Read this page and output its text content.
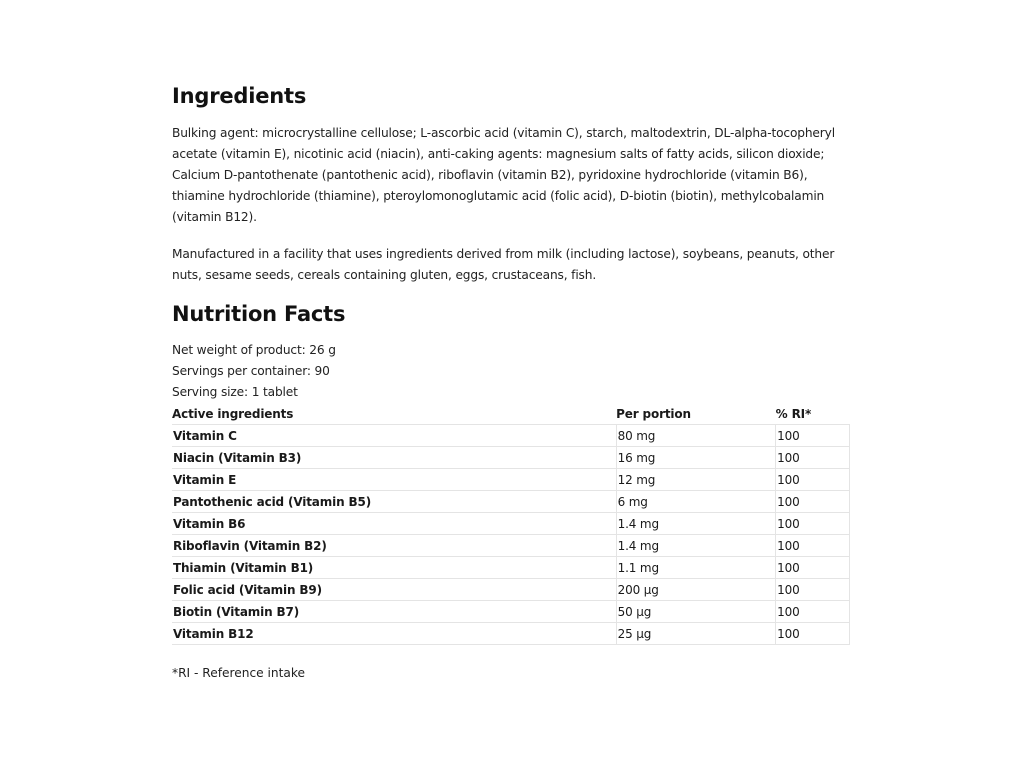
Ingredients

Bulking agent: microcrystalline cellulose; L-ascorbic acid (vitamin C), starch, maltodextrin, DL-alpha-tocopheryl acetate (vitamin E), nicotinic acid (niacin), anti-caking agents: magnesium salts of fatty acids, silicon dioxide; Calcium D-pantothenate (pantothenic acid), riboflavin (vitamin B2), pyridoxine hydrochloride (vitamin B6), thiamine hydrochloride (thiamine), pteroylomonoglutamic acid (folic acid), D-biotin (biotin), methylcobalamin (vitamin B12).

Manufactured in a facility that uses ingredients derived from milk (including lactose), soybeans, peanuts, other nuts, sesame seeds, cereals containing gluten, eggs, crustaceans, fish.

Nutrition Facts
Net weight of product: 26 g
Servings per container: 90
Serving size: 1 tablet
Active ingredients	Per portion	% RI*
Vitamin C	80 mg	100
Niacin (Vitamin B3)	16 mg	100
Vitamin E	12 mg	100
Pantothenic acid (Vitamin B5)	6 mg	100
Vitamin B6	1.4 mg	100
Riboflavin (Vitamin B2)	1.4 mg	100
Thiamin (Vitamin B1)	1.1 mg	100
Folic acid (Vitamin B9)	200 µg	100
Biotin (Vitamin B7)	50 µg	100
Vitamin B12	25 µg	100
*RI - Reference intake
